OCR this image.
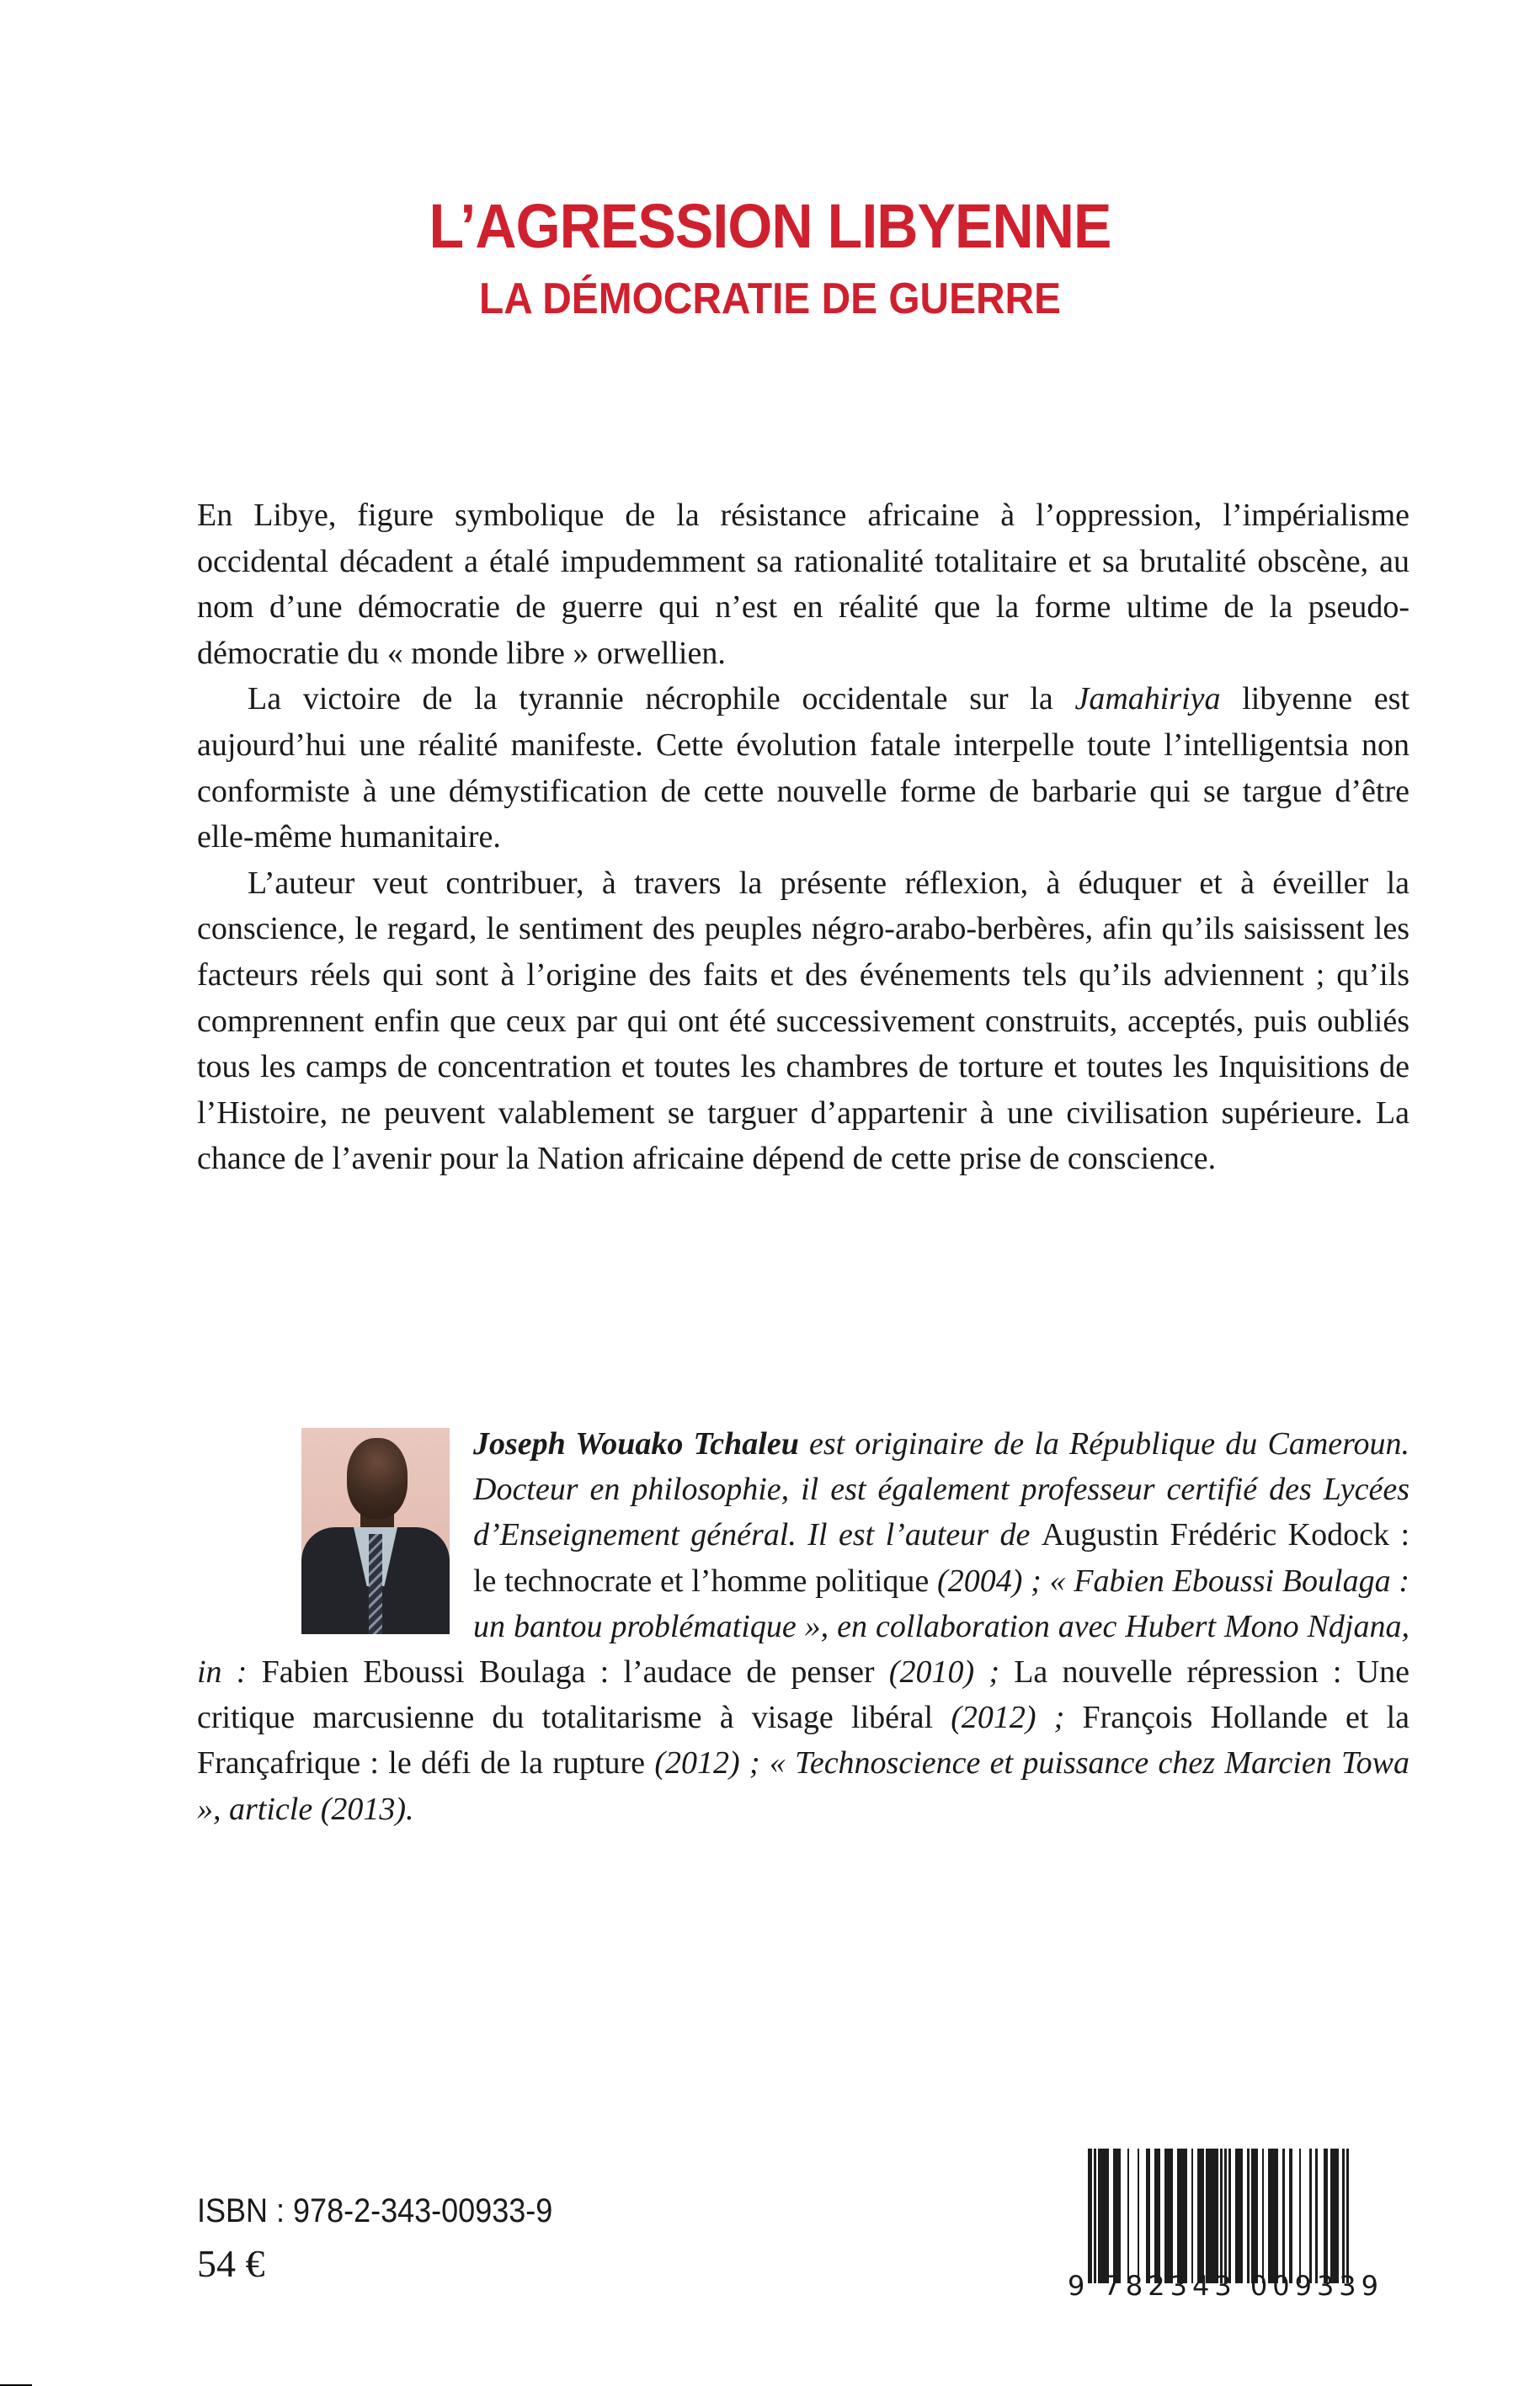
L’AGRESSION LIBYENNE
LA DÉMOCRATIE DE GUERRE

En Libye, figure symbolique de la résistance africaine à l’oppression, l’impérialisme occidental décadent a étalé impudemment sa rationalité totalitaire et sa brutalité obscène, au nom d’une démocratie de guerre qui n’est en réalité que la forme ultime de la pseudo-démocratie du « monde libre » orwellien.

La victoire de la tyrannie nécrophile occidentale sur la Jamahiriya libyenne est aujourd’hui une réalité manifeste. Cette évolution fatale interpelle toute l’intelligentsia non conformiste à une démystification de cette nouvelle forme de barbarie qui se targue d’être elle-même humanitaire.

L’auteur veut contribuer, à travers la présente réflexion, à éduquer et à éveiller la conscience, le regard, le sentiment des peuples négro-arabo-berbères, afin qu’ils saisissent les facteurs réels qui sont à l’origine des faits et des événements tels qu’ils adviennent ; qu’ils comprennent enfin que ceux par qui ont été successivement construits, acceptés, puis oubliés tous les camps de concentration et toutes les chambres de torture et toutes les Inquisitions de l’Histoire, ne peuvent valablement se targuer d’appartenir à une civilisation supérieure. La chance de l’avenir pour la Nation africaine dépend de cette prise de conscience.

Joseph Wouako Tchaleu est originaire de la République du Cameroun. Docteur en philosophie, il est également professeur certifié des Lycées d’Enseignement général. Il est l’auteur de Augustin Frédéric Kodock : le technocrate et l’homme politique (2004) ; « Fabien Eboussi Boulaga : un bantou problématique », en collaboration avec Hubert Mono Ndjana, in : Fabien Eboussi Boulaga : l’audace de penser (2010) ; La nouvelle répression : Une critique marcusienne du totalitarisme à visage libéral (2012) ; François Hollande et la Françafrique : le défi de la rupture (2012) ; « Technoscience et puissance chez Marcien Towa », article (2013).
ISBN : 978-2-343-00933-9
54 €
9 782343 009339
